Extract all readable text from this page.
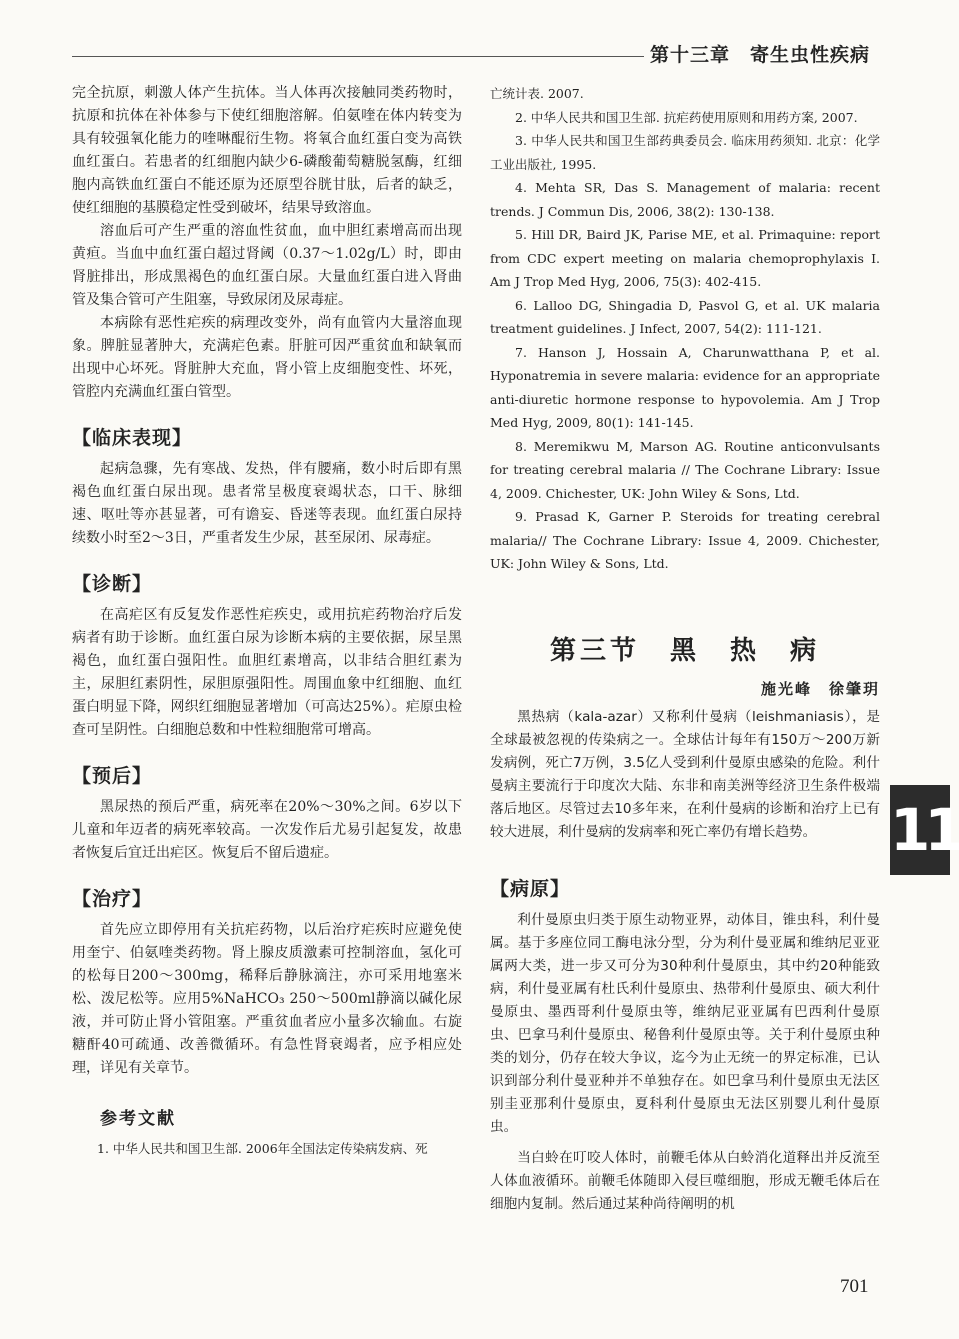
第十三章　寄生虫性疾病

完全抗原，刺激人体产生抗体。当人体再次接触同类药物时，抗原和抗体在补体参与下使红细胞溶解。伯氨喹在体内转变为具有较强氧化能力的喹啉醌衍生物。将氧合血红蛋白变为高铁血红蛋白。若患者的红细胞内缺少6-磷酸葡萄糖脱氢酶，红细胞内高铁血红蛋白不能还原为还原型谷胱甘肽，后者的缺乏，使红细胞的基膜稳定性受到破坏，结果导致溶血。

溶血后可产生严重的溶血性贫血，血中胆红素增高而出现黄疸。当血中血红蛋白超过肾阈（0.37～1.02g/L）时，即由肾脏排出，形成黑褐色的血红蛋白尿。大量血红蛋白进入肾曲管及集合管可产生阻塞，导致尿闭及尿毒症。

本病除有恶性疟疾的病理改变外，尚有血管内大量溶血现象。脾脏显著肿大，充满疟色素。肝脏可因严重贫血和缺氧而出现中心坏死。肾脏肿大充血，肾小管上皮细胞变性、坏死，管腔内充满血红蛋白管型。

【临床表现】

起病急骤，先有寒战、发热，伴有腰痛，数小时后即有黑褐色血红蛋白尿出现。患者常呈极度衰竭状态，口干、脉细速、呕吐等亦甚显著，可有谵妄、昏迷等表现。血红蛋白尿持续数小时至2～3日，严重者发生少尿，甚至尿闭、尿毒症。

【诊断】

在高疟区有反复发作恶性疟疾史，或用抗疟药物治疗后发病者有助于诊断。血红蛋白尿为诊断本病的主要依据，尿呈黑褐色，血红蛋白强阳性。血胆红素增高，以非结合胆红素为主，尿胆红素阴性，尿胆原强阳性。周围血象中红细胞、血红蛋白明显下降，网织红细胞显著增加（可高达25%）。疟原虫检查可呈阴性。白细胞总数和中性粒细胞常可增高。

【预后】

黑尿热的预后严重，病死率在20%～30%之间。6岁以下儿童和年迈者的病死率较高。一次发作后尤易引起复发，故患者恢复后宜迁出疟区。恢复后不留后遗症。

【治疗】

首先应立即停用有关抗疟药物，以后治疗疟疾时应避免使用奎宁、伯氨喹类药物。肾上腺皮质激素可控制溶血，氢化可的松每日200～300mg，稀释后静脉滴注，亦可采用地塞米松、泼尼松等。应用5%NaHCO₃ 250～500ml静滴以碱化尿液，并可防止肾小管阻塞。严重贫血者应小量多次输血。右旋糖酐40可疏通、改善微循环。有急性肾衰竭者，应予相应处理，详见有关章节。

参考文献

1. 中华人民共和国卫生部. 2006年全国法定传染病发病、死

亡统计表. 2007.

2. 中华人民共和国卫生部. 抗疟药使用原则和用药方案, 2007.

3. 中华人民共和国卫生部药典委员会. 临床用药须知. 北京：化学工业出版社, 1995.

4. Mehta SR, Das S. Management of malaria: recent trends. J Commun Dis, 2006, 38(2): 130-138.

5. Hill DR, Baird JK, Parise ME, et al. Primaquine: report from CDC expert meeting on malaria chemoprophylaxis I. Am J Trop Med Hyg, 2006, 75(3): 402-415.

6. Lalloo DG, Shingadia D, Pasvol G, et al. UK malaria treatment guidelines. J Infect, 2007, 54(2): 111-121.

7. Hanson J, Hossain A, Charunwatthana P, et al. Hyponatremia in severe malaria: evidence for an appropriate anti-diuretic hormone response to hypovolemia. Am J Trop Med Hyg, 2009, 80(1): 141-145.

8. Meremikwu M, Marson AG. Routine anticonvulsants for treating cerebral malaria // The Cochrane Library: Issue 4, 2009. Chichester, UK: John Wiley & Sons, Ltd.

9. Prasad K, Garner P. Steroids for treating cerebral malaria// The Cochrane Library: Issue 4, 2009. Chichester, UK: John Wiley & Sons, Ltd.

第三节　黑　热　病
施光峰　徐肇玥

黑热病（kala-azar）又称利什曼病（leishmaniasis），是全球最被忽视的传染病之一。全球估计每年有150万～200万新发病例，死亡7万例，3.5亿人受到利什曼原虫感染的危险。利什曼病主要流行于印度次大陆、东非和南美洲等经济卫生条件极端落后地区。尽管过去10多年来，在利什曼病的诊断和治疗上已有较大进展，利什曼病的发病率和死亡率仍有增长趋势。

【病原】

利什曼原虫归类于原生动物亚界，动体目，锥虫科，利什曼属。基于多座位同工酶电泳分型，分为利什曼亚属和维纳尼亚亚属两大类，进一步又可分为30种利什曼原虫，其中约20种能致病，利什曼亚属有杜氏利什曼原虫、热带利什曼原虫、硕大利什曼原虫、墨西哥利什曼原虫等，维纳尼亚亚属有巴西利什曼原虫、巴拿马利什曼原虫、秘鲁利什曼原虫等。关于利什曼原虫种类的划分，仍存在较大争议，迄今为止无统一的界定标准，已认识到部分利什曼亚种并不单独存在。如巴拿马利什曼原虫无法区别圭亚那利什曼原虫，夏科利什曼原虫无法区别婴儿利什曼原虫。

当白蛉在叮咬人体时，前鞭毛体从白蛉消化道释出并反流至人体血液循环。前鞭毛体随即入侵巨噬细胞，形成无鞭毛体后在细胞内复制。然后通过某种尚待阐明的机

11
701
